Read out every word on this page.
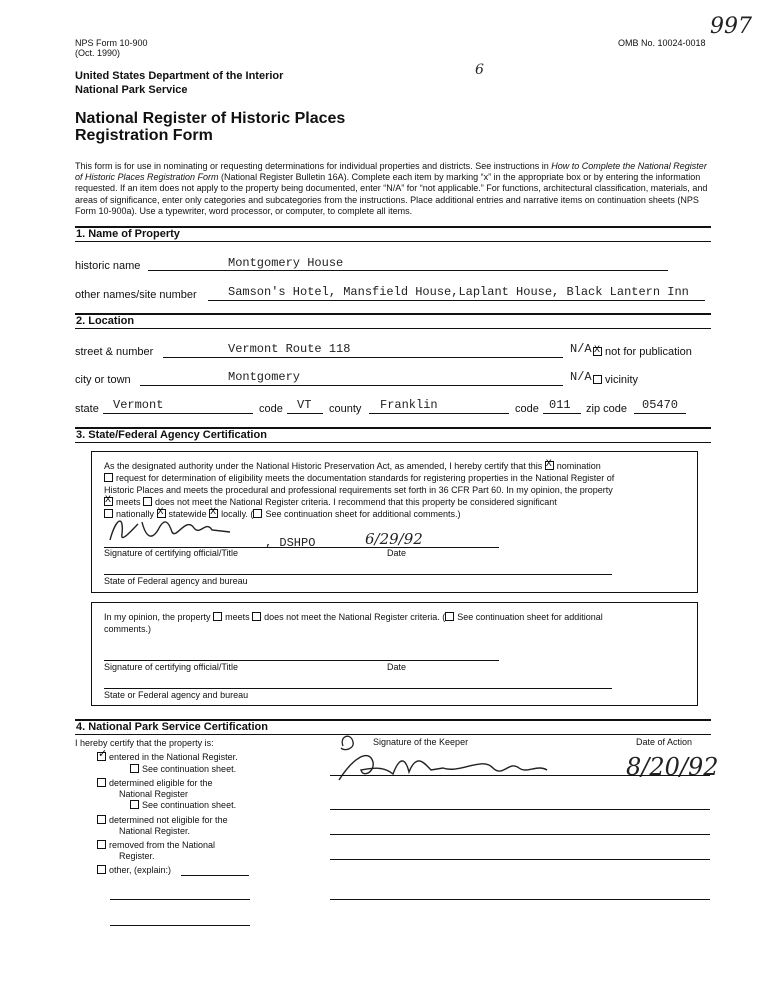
NPS Form 10-900
(Oct. 1990)
OMB No. 10024-0018
997
6
United States Department of the Interior
National Park Service
National Register of Historic Places
Registration Form
This form is for use in nominating or requesting determinations for individual properties and districts. See instructions in How to Complete the National Register of Historic Places Registration Form (National Register Bulletin 16A). Complete each item by marking “x” in the appropriate box or by entering the information requested. If an item does not apply to the property being documented, enter “N/A” for “not applicable.” For functions, architectural classification, materials, and areas of significance, enter only categories and subcategories from the instructions. Place additional entries and narrative items on continuation sheets (NPS Form 10-900a). Use a typewriter, word processor, or computer, to complete all items.
1. Name of Property
historic name	Montgomery House
other names/site number	Samson's Hotel, Mansfield House,Laplant House, Black Lantern Inn
2. Location
street & number	Vermont Route 118	N/A X	not for publication
city or town	Montgomery	N/A	vicinity
state Vermont	code VT county Franklin	code 011 zip code 05470
3. State/Federal Agency Certification
As the designated authority under the National Historic Preservation Act, as amended, I hereby certify that this X nomination
request for determination of eligibility meets the documentation standards for registering properties in the National Register of
Historic Places and meets the procedural and professional requirements set forth in 36 CFR Part 60. In my opinion, the property
Xmeets does not meet the National Register criteria. I recommend that this property be considered significant
nationally X statewide X locally. ( See continuation sheet for additional comments.)
, DSHPO	6/29/92
Signature of certifying official/Title	Date
State of Federal agency and bureau
In my opinion, the property meets does not meet the National Register criteria. ( See continuation sheet for additional
comments.)
Signature of certifying official/Title	Date
State or Federal agency and bureau
4. National Park Service Certification
I hereby certify that the property is:	Signature of the Keeper	Date of Action
✓entered in the National Register.
See continuation sheet.
determined eligible for the
National Register
See continuation sheet.
determined not eligible for the
National Register.
removed from the National
Register.
other, (explain:)
8/20/92
